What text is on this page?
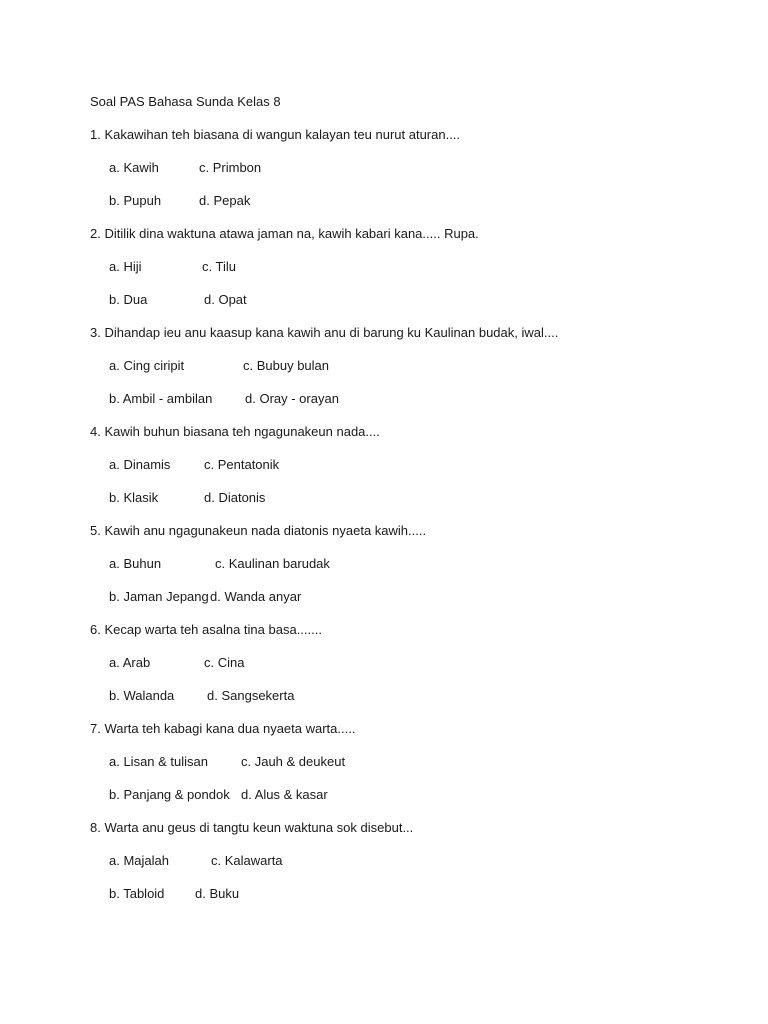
Soal PAS Bahasa Sunda Kelas 8
1. Kakawihan teh biasana di wangun kalayan teu nurut aturan....
a. Kawih	c. Primbon
b. Pupuh	d. Pepak
2. Ditilik dina waktuna atawa jaman na, kawih kabari kana..... Rupa.
a. Hiji	c. Tilu
b. Dua	d. Opat
3. Dihandap ieu anu kaasup kana kawih anu di barung ku Kaulinan budak, iwal....
a. Cing ciripit	c. Bubuy bulan
b. Ambil - ambilan	d. Oray - orayan
4. Kawih buhun biasana teh ngagunakeun nada....
a. Dinamis	c. Pentatonik
b. Klasik	d. Diatonis
5. Kawih anu ngagunakeun nada diatonis nyaeta kawih.....
a. Buhun	c. Kaulinan barudak
b. Jaman Jepang d. Wanda anyar
6. Kecap warta teh asalna tina basa.......
a. Arab	c. Cina
b. Walanda	d. Sangsekerta
7. Warta teh kabagi kana dua nyaeta warta.....
a. Lisan & tulisan	c. Jauh & deukeut
b. Panjang & pondok d. Alus & kasar
8. Warta anu geus di tangtu keun waktuna sok disebut...
a. Majalah	c. Kalawarta
b. Tabloid d. Buku
